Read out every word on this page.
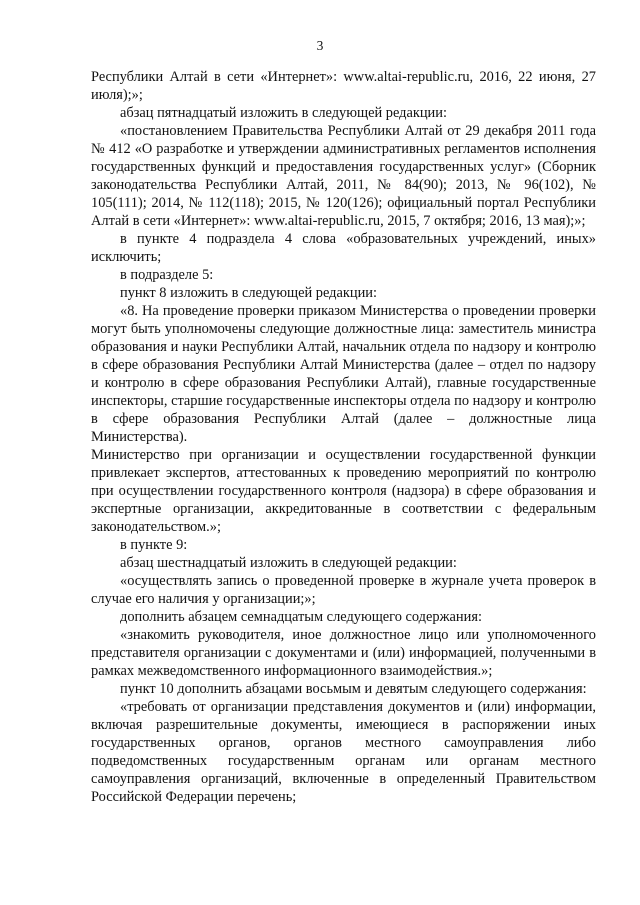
3

Республики Алтай в сети «Интернет»: www.altai-republic.ru, 2016, 22 июня, 27 июля);»;

абзац пятнадцатый изложить в следующей редакции:

«постановлением Правительства Республики Алтай от 29 декабря 2011 года № 412 «О разработке и утверждении административных регламентов исполнения государственных функций и предоставления государственных услуг» (Сборник законодательства Республики Алтай, 2011, № 84(90); 2013, № 96(102), № 105(111); 2014, № 112(118); 2015, № 120(126); официальный портал Республики Алтай в сети «Интернет»: www.altai-republic.ru, 2015, 7 октября; 2016, 13 мая);»;

в пункте 4 подраздела 4 слова «образовательных учреждений, иных» исключить;

в подразделе 5:

пункт 8 изложить в следующей редакции:

«8. На проведение проверки приказом Министерства о проведении проверки могут быть уполномочены следующие должностные лица: заместитель министра образования и науки Республики Алтай, начальник отдела по надзору и контролю в сфере образования Республики Алтай Министерства (далее – отдел по надзору и контролю в сфере образования Республики Алтай), главные государственные инспекторы, старшие государственные инспекторы отдела по надзору и контролю в сфере образования Республики Алтай (далее – должностные лица Министерства).

Министерство при организации и осуществлении государственной функции привлекает экспертов, аттестованных к проведению мероприятий по контролю при осуществлении государственного контроля (надзора) в сфере образования и экспертные организации, аккредитованные в соответствии с федеральным законодательством.»;

в пункте 9:

абзац шестнадцатый изложить в следующей редакции:

«осуществлять запись о проведенной проверке в журнале учета проверок в случае его наличия у организации;»;

дополнить абзацем семнадцатым следующего содержания:

«знакомить руководителя, иное должностное лицо или уполномоченного представителя организации с документами и (или) информацией, полученными в рамках межведомственного информационного взаимодействия.»;

пункт 10 дополнить абзацами восьмым и девятым следующего содержания:

«требовать от организации представления документов и (или) информации, включая разрешительные документы, имеющиеся в распоряжении иных государственных органов, органов местного самоуправления либо подведомственных государственным органам или органам местного самоуправления организаций, включенные в определенный Правительством Российской Федерации перечень;
